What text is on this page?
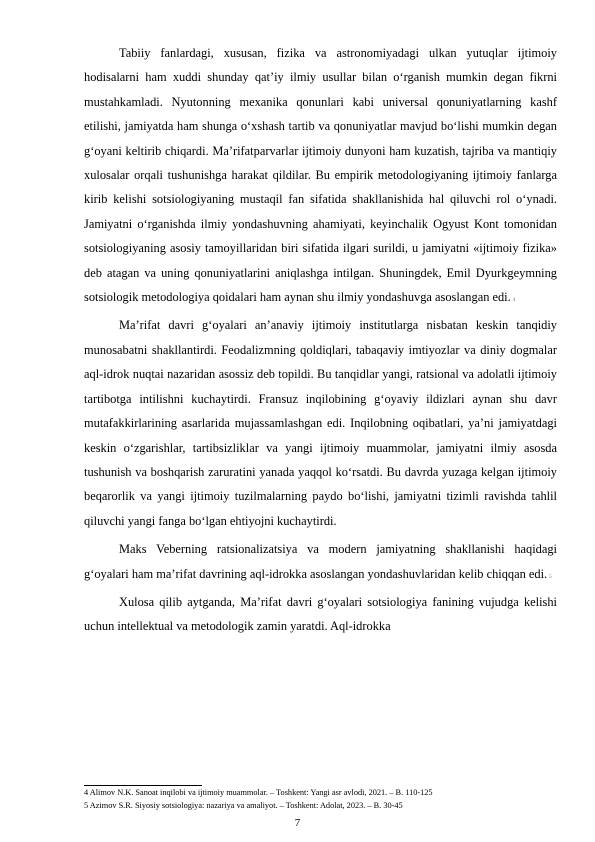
Tabiiy fanlardagi, xususan, fizika va astronomiyadagi ulkan yutuqlar ijtimoiy hodisalarni ham xuddi shunday qat’iy ilmiy usullar bilan o‘rganish mumkin degan fikrni mustahkamladi. Nyutonning mexanika qonunlari kabi universal qonuniyatlarning kashf etilishi, jamiyatda ham shunga o‘xshash tartib va qonuniyatlar mavjud bo‘lishi mumkin degan g‘oyani keltirib chiqardi. Ma’rifatparvarlar ijtimoiy dunyoni ham kuzatish, tajriba va mantiqiy xulosalar orqali tushunishga harakat qildilar. Bu empirik metodologiyaning ijtimoiy fanlarga kirib kelishi sotsiologiyaning mustaqil fan sifatida shakllanishida hal qiluvchi rol o‘ynadi. Jamiyatni o‘rganishda ilmiy yondashuvning ahamiyati, keyinchalik Ogyust Kont tomonidan sotsiologiyaning asosiy tamoyillaridan biri sifatida ilgari surildi, u jamiyatni «ijtimoiy fizika» deb atagan va uning qonuniyatlarini aniqlashga intilgan. Shuningdek, Emil Dyurkgeymning sotsiologik metodologiya qoidalari ham aynan shu ilmiy yondashuvga asoslangan edi. $^4$

Ma’rifat davri g‘oyalari an’anaviy ijtimoiy institutlarga nisbatan keskin tanqidiy munosabatni shakllantirdi. Feodalizmning qoldiqlari, tabaqaviy imtiyozlar va diniy dogmalar aql-idrok nuqtai nazaridan asossiz deb topildi. Bu tanqidlar yangi, ratsional va adolatli ijtimoiy tartibotga intilishni kuchaytirdi. Fransuz inqilobining g‘oyaviy ildizlari aynan shu davr mutafakkirlarining asarlarida mujassamlashgan edi. Inqilobning oqibatlari, ya’ni jamiyatdagi keskin o‘zgarishlar, tartibsizliklar va yangi ijtimoiy muammolar, jamiyatni ilmiy asosda tushunish va boshqarish zaruratini yanada yaqqol ko‘rsatdi. Bu davrda yuzaga kelgan ijtimoiy beqarorlik va yangi ijtimoiy tuzilmalarning paydo bo‘lishi, jamiyatni tizimli ravishda tahlil qiluvchi yangi fanga bo‘lgan ehtiyojni kuchaytirdi.

Maks Veberning ratsionalizatsiya va modern jamiyatning shakllanishi haqidagi g‘oyalari ham ma’rifat davrining aql-idrokka asoslangan yondashuvlaridan kelib chiqqan edi. $^5$

Xulosa qilib aytganda, Ma’rifat davri g‘oyalari sotsiologiya fanining vujudga kelishi uchun intellektual va metodologik zamin yaratdi. Aql-idrokka

4 Alimov N.K. Sanoat inqilobi va ijtimoiy muammolar. – Toshkent: Yangi asr avlodi, 2021. – B. 110-125
5 Azimov S.R. Siyosiy sotsiologiya: nazariya va amaliyot. – Toshkent: Adolat, 2023. – B. 30-45
7
